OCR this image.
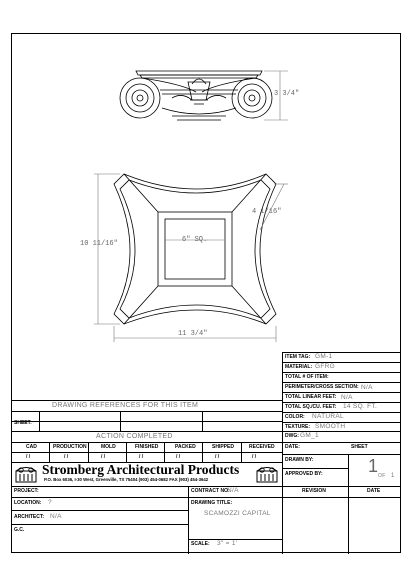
3 3/4"
4 1/16"
10 11/16"	6" SQ.
11 3/4"
ITEM TAG: GM-1
MATERIAL: GFRG
TOTAL # OF ITEM:
PERIMETER/CROSS SECTION: N/A
TOTAL LINEAR FEET: N/A
TOTAL SQ./CU. FEET: 14 SQ. FT.
COLOR: NATURAL
TEXTURE: SMOOTH
DRAWING REFERENCES FOR THIS ITEM
SHEET:
ACTION COMPLETED
CAD	PRODUCTION	MOLD	FINISHED	PACKED	SHIPPED	RECEIVED
/ /	/ /	/ /	/ /	/ /	/ /	/ /
Stromberg Architectural Products
P.O. Box 6036, I-30 West, Greenville, TX 75404 (903) 454-0682 FAX (903) 454-3642
PROJECT:
LOCATION: ?
ARCHITECT: N/A
G.C.
CONTRACT NO:
N/A
DRAWING TITLE:
SCAMOZZI CAPITAL
SCALE: 3" = 1'
DWG: GM_1
DATE:	SHEET
DRAWN BY:
APPROVED BY:	1 OF 1
REVISION	DATE
